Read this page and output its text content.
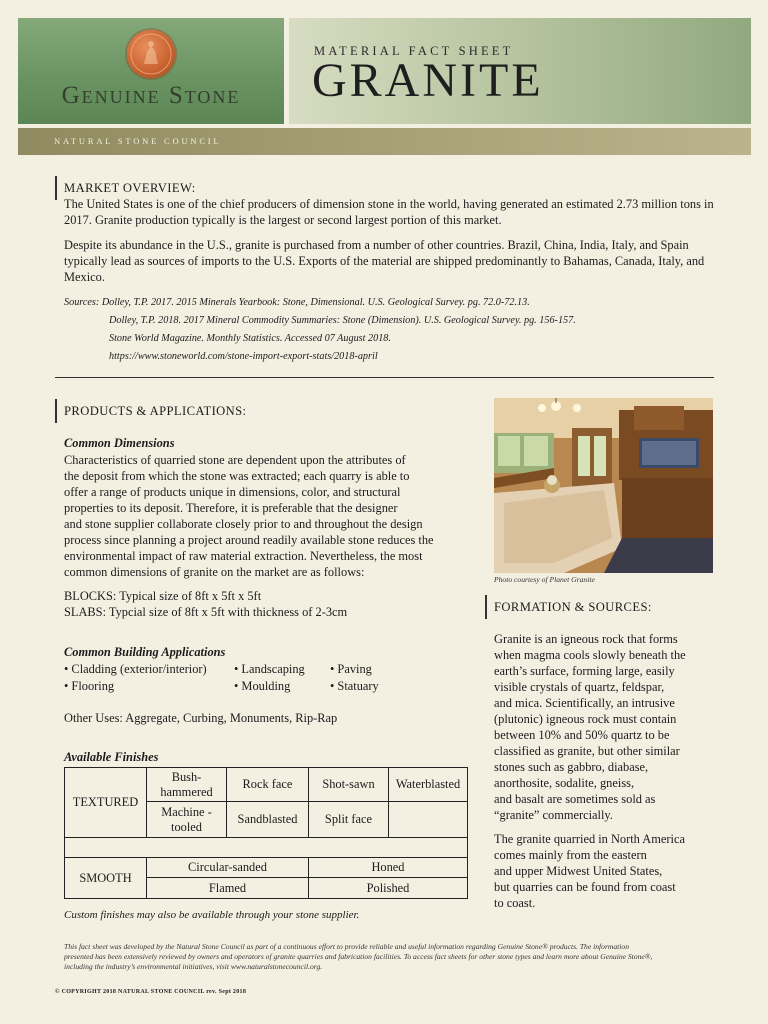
Genuine Stone
MATERIAL FACT SHEET
GRANITE
NATURAL STONE COUNCIL
MARKET OVERVIEW:
The United States is one of the chief producers of dimension stone in the world, having generated an estimated 2.73 million tons in 2017. Granite production typically is the largest or second largest portion of this market.
Despite its abundance in the U.S., granite is purchased from a number of other countries. Brazil, China, India, Italy, and Spain typically lead as sources of imports to the U.S. Exports of the material are shipped predominantly to Bahamas, Canada, Italy, and Mexico.
Sources: Dolley, T.P. 2017. 2015 Minerals Yearbook: Stone, Dimensional. U.S. Geological Survey. pg. 72.0-72.13.
Dolley, T.P. 2018. 2017 Mineral Commodity Summaries: Stone (Dimension). U.S. Geological Survey. pg. 156-157.
Stone World Magazine. Monthly Statistics. Accessed 07 August 2018.
https://www.stoneworld.com/stone-import-export-stats/2018-april
PRODUCTS & APPLICATIONS:
Common Dimensions
Characteristics of quarried stone are dependent upon the attributes of
the deposit from which the stone was extracted; each quarry is able to
offer a range of products unique in dimensions, color, and structural
properties to its deposit. Therefore, it is preferable that the designer
and stone supplier collaborate closely prior to and throughout the design
process since planning a project around readily available stone reduces the
environmental impact of raw material extraction. Nevertheless, the most
common dimensions of granite on the market are as follows:
BLOCKS: Typical size of 8ft x 5ft x 5ft
SLABS: Typcial size of 8ft x 5ft with thickness of 2-3cm
Common Building Applications
• Cladding (exterior/interior) • Landscaping • Paving
• Flooring	• Moulding	• Statuary
Other Uses: Aggregate, Curbing, Monuments, Rip-Rap
Available Finishes
TEXTURED	Bush-hammered	Rock face	Shot-sawn	Waterblasted

	Machine -tooled	Sandblasted	Split face	

SMOOTH	Circular-sanded		Honed	
	Flamed		Polished	
Custom finishes may also be available through your stone supplier.
Photo courtesy of Planet Granite
FORMATION & SOURCES:
Granite is an igneous rock that forms
when magma cools slowly beneath the
earth’s surface, forming large, easily
visible crystals of quartz, feldspar,
and mica. Scientifically, an intrusive
(plutonic) igneous rock must contain
between 10% and 50% quartz to be
classified as granite, but other similar
stones such as gabbro, diabase,
anorthosite, sodalite, gneiss,
and basalt are sometimes sold as
“granite” commercially.
The granite quarried in North America
comes mainly from the eastern
and upper Midwest United States,
but quarries can be found from coast
to coast.
This fact sheet was developed by the Natural Stone Council as part of a continuous effort to provide reliable and useful information regarding Genuine Stone® products. The information
presented has been extensively reviewed by owners and operators of granite quarries and fabrication facilities. To access fact sheets for other stone types and learn more about Genuine Stone®,
including the industry’s environmental initiatives, visit www.naturalstonecouncil.org.
© COPYRIGHT 2018 NATURAL STONE COUNCIL rev. Sept 2018
